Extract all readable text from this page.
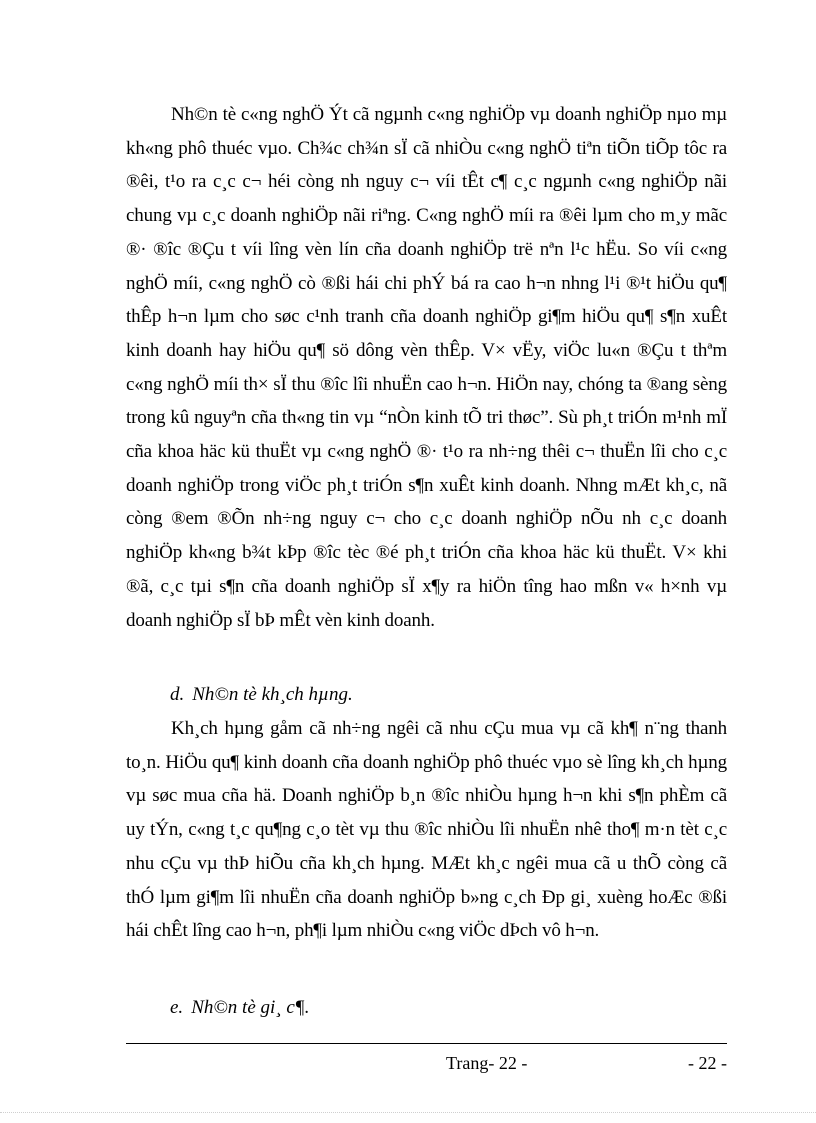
Nh©n tè c«ng nghÖ Ýt cã ngµnh c«ng nghiÖp vµ doanh nghiÖp nµo mµ kh«ng phô thuéc vµo. Ch¾c ch¾n sÏ cã nhiÒu c«ng nghÖ tiªn tiÕn tiÕp tôc ra ®êi, t¹o ra c¸c c¬ héi còng nh nguy c¬ víi tÊt c¶ c¸c ngµnh c«ng nghiÖp nãi chung vµ c¸c doanh nghiÖp nãi riªng. C«ng nghÖ míi ra ®êi lµm cho m¸y mãc ®· ®îc ®Çu t víi lîng vèn lín cña doanh nghiÖp trë nªn l¹c hËu. So víi c«ng nghÖ míi, c«ng nghÖ cò ®ßi hái chi phÝ bá ra cao h¬n nhng l¹i ®¹t hiÖu qu¶ thÊp h¬n lµm cho søc c¹nh tranh cña doanh nghiÖp gi¶m hiÖu qu¶ s¶n xuÊt kinh doanh hay hiÖu qu¶ sö dông vèn thÊp. V× vËy, viÖc lu«n ®Çu t thªm c«ng nghÖ míi th× sÏ thu ®îc lîi nhuËn cao h¬n. HiÖn nay, chóng ta ®ang sèng trong kû nguyªn cña th«ng tin vµ “nÒn kinh tÕ tri thøc”. Sù ph¸t triÓn m¹nh mÏ cña khoa häc kü thuËt vµ c«ng nghÖ ®· t¹o ra nh÷ng thêi c¬ thuËn lîi cho c¸c doanh nghiÖp trong viÖc ph¸t triÓn s¶n xuÊt kinh doanh. Nhng mÆt kh¸c, nã còng ®em ®Õn nh÷ng nguy c¬ cho c¸c doanh nghiÖp nÕu nh c¸c doanh nghiÖp kh«ng b¾t kÞp ®îc tèc ®é ph¸t triÓn cña khoa häc kü thuËt. V× khi ®ã, c¸c tµi s¶n cña doanh nghiÖp sÏ x¶y ra hiÖn tîng hao mßn v« h×nh vµ doanh nghiÖp sÏ bÞ mÊt vèn kinh doanh.

d. Nh©n tè kh¸ch hµng.

Kh¸ch hµng gåm cã nh÷ng ngêi cã nhu cÇu mua vµ cã kh¶ n¨ng thanh to¸n. HiÖu qu¶ kinh doanh cña doanh nghiÖp phô thuéc vµo sè lîng kh¸ch hµng vµ søc mua cña hä. Doanh nghiÖp b¸n ®îc nhiÒu hµng h¬n khi s¶n phÈm cã uy tÝn, c«ng t¸c qu¶ng c¸o tèt vµ thu ®îc nhiÒu lîi nhuËn nhê tho¶ m·n tèt c¸c nhu cÇu vµ thÞ hiÕu cña kh¸ch hµng. MÆt kh¸c ngêi mua cã u thÕ còng cã thÓ lµm gi¶m lîi nhuËn cña doanh nghiÖp b»ng c¸ch Ðp gi¸ xuèng hoÆc ®ßi hái chÊt lîng cao h¬n, ph¶i lµm nhiÒu c«ng viÖc dÞch vô h¬n.

e. Nh©n tè gi¸ c¶.
Trang- 22 -	- 22 -
